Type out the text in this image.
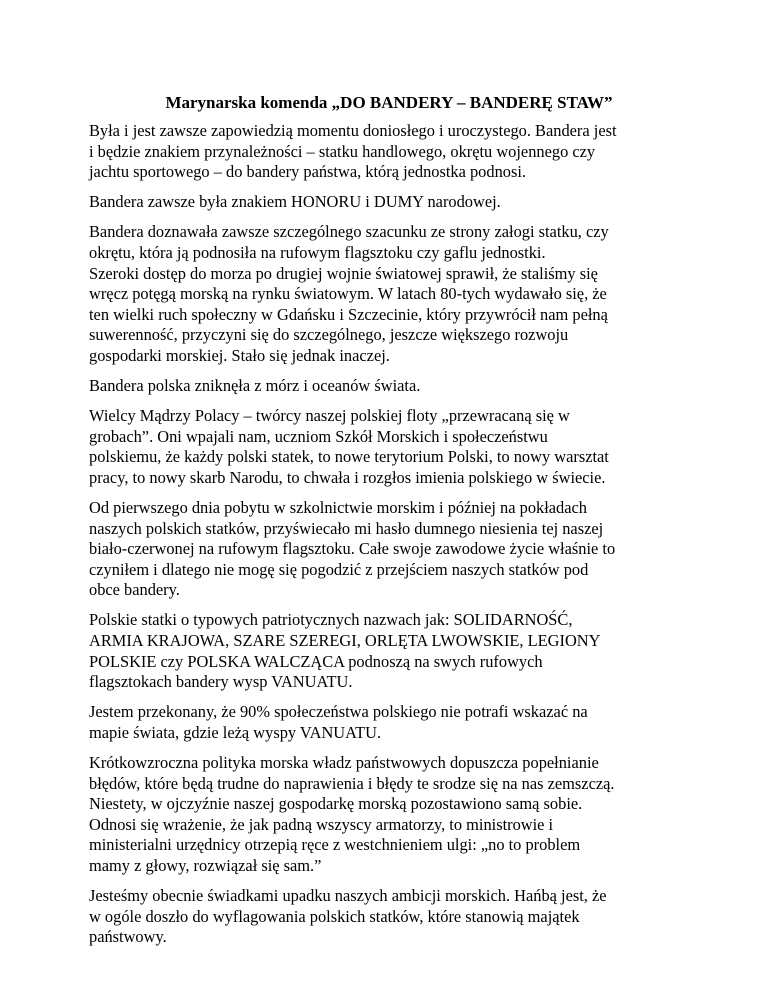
Marynarska komenda „DO BANDERY – BANDERĘ STAW”

Była i jest zawsze zapowiedzią momentu doniosłego i uroczystego. Bandera jest
i będzie znakiem przynależności – statku handlowego, okrętu wojennego czy
jachtu sportowego – do bandery państwa, którą jednostka podnosi.

Bandera zawsze była znakiem HONORU i DUMY narodowej.

Bandera doznawała zawsze szczególnego szacunku ze strony załogi statku, czy
okrętu, która ją podnosiła na rufowym flagsztoku czy gaflu jednostki.

Szeroki dostęp do morza po drugiej wojnie światowej sprawił, że staliśmy się
wręcz potęgą morską na rynku światowym. W latach 80-tych wydawało się, że
ten wielki ruch społeczny w Gdańsku i Szczecinie, który przywrócił nam pełną
suwerenność, przyczyni się do szczególnego, jeszcze większego rozwoju
gospodarki morskiej. Stało się jednak inaczej.

Bandera polska zniknęła z mórz i oceanów świata.

Wielcy Mądrzy Polacy – twórcy naszej polskiej floty „przewracaną się w
grobach”. Oni wpajali nam, uczniom Szkół Morskich i społeczeństwu
polskiemu, że każdy polski statek, to nowe terytorium Polski, to nowy warsztat
pracy, to nowy skarb Narodu, to chwała i rozgłos imienia polskiego w świecie.

Od pierwszego dnia pobytu w szkolnictwie morskim i później na pokładach
naszych polskich statków, przyświecało mi hasło dumnego niesienia tej naszej
biało-czerwonej na rufowym flagsztoku. Całe swoje zawodowe życie właśnie to
czyniłem i dlatego nie mogę się pogodzić z przejściem naszych statków pod
obce bandery.

Polskie statki o typowych patriotycznych nazwach jak: SOLIDARNOŚĆ,
ARMIA KRAJOWA, SZARE SZEREGI, ORLĘTA LWOWSKIE, LEGIONY
POLSKIE czy POLSKA WALCZĄCA podnoszą na swych rufowych
flagsztokach bandery wysp VANUATU.

Jestem przekonany, że 90% społeczeństwa polskiego nie potrafi wskazać na
mapie świata, gdzie leżą wyspy VANUATU.

Krótkowzroczna polityka morska władz państwowych dopuszcza popełnianie
błędów, które będą trudne do naprawienia i błędy te srodze się na nas zemszczą.
Niestety, w ojczyźnie naszej gospodarkę morską pozostawiono samą sobie.
Odnosi się wrażenie, że jak padną wszyscy armatorzy, to ministrowie i
ministerialni urzędnicy otrzepią ręce z westchnieniem ulgi: „no to problem
mamy z głowy, rozwiązał się sam.”

Jesteśmy obecnie świadkami upadku naszych ambicji morskich. Hańbą jest, że
w ogóle doszło do wyflagowania polskich statków, które stanowią majątek
państwowy.
